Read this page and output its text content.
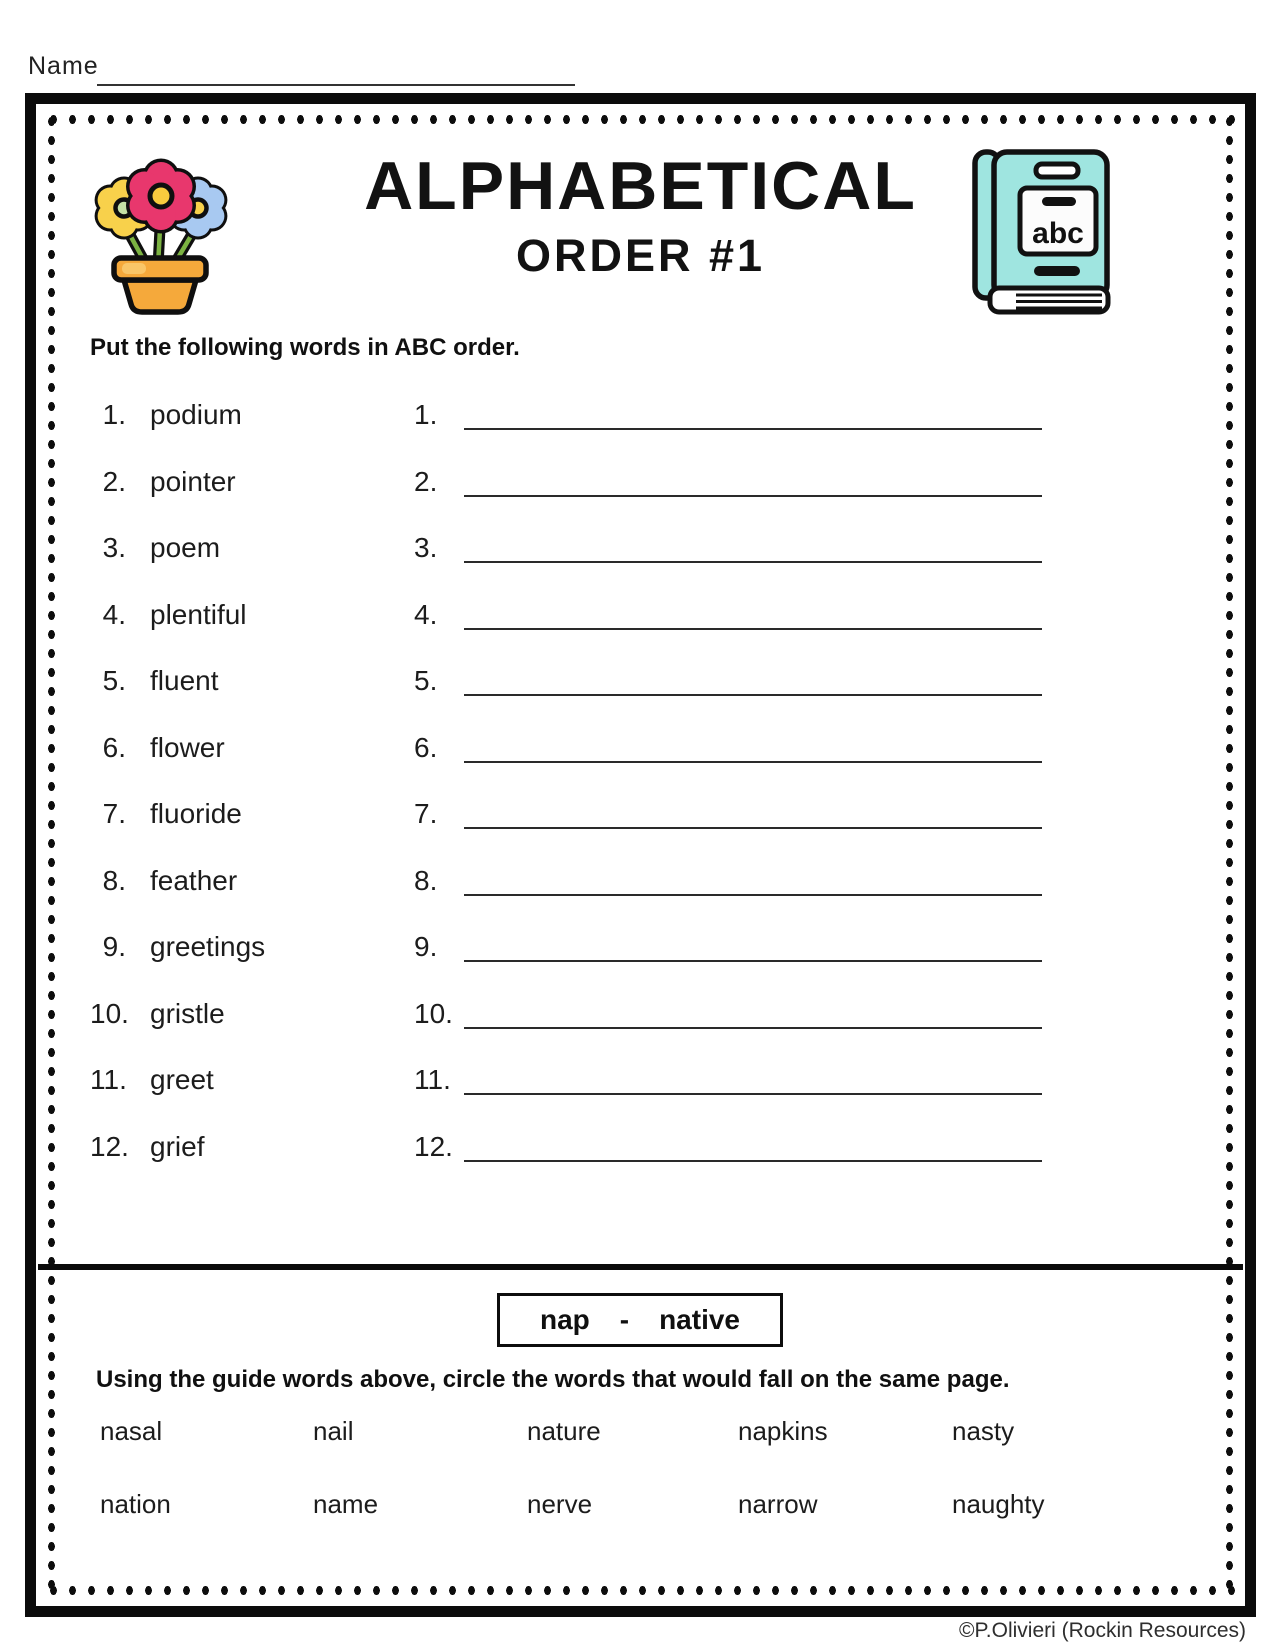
Name
ALPHABETICAL
ORDER #1	abc
Put the following words in ABC order.
1. podium	1.
2. pointer	2.
3. poem	3.
4. plentiful	4.
5. fluent	5.
6. flower	6.
7. fluoride	7.
8. feather	8.
9. greetings	9.
10. gristle	10.
11. greet	11.
12. grief	12.
nap - native
Using the guide words above, circle the words that would fall on the same page.
nasal	nail	nature	napkins	nasty
nation	name	nerve	narrow	naughty
©P.Olivieri (Rockin Resources)
